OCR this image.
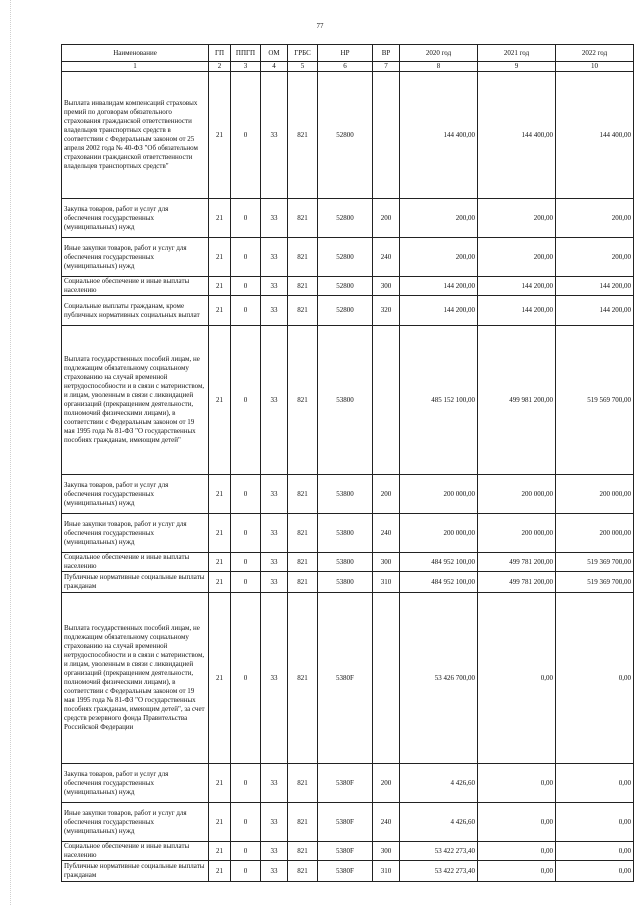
77
Наименование	ГП	ППГП	ОМ	ГРБС	НР	ВР	2020 год	2021 год	2022 год
1	2	3	4	5	6	7	8	9	10
Выплата инвалидам компенсаций страховых премий по договорам обязательного страхования гражданской ответственности владельцев транспортных средств в соответствии с Федеральным законом от 25 апреля 2002 года № 40-ФЗ "Об обязательном страховании гражданской ответственности владельцев транспортных средств"	21	0	33	821	52800		144 400,00	144 400,00	144 400,00
Закупка товаров, работ и услуг для обеспечения государственных (муниципальных) нужд	21	0	33	821	52800	200	200,00	200,00	200,00
Иные закупки товаров, работ и услуг для обеспечения государственных (муниципальных) нужд	21	0	33	821	52800	240	200,00	200,00	200,00
Социальное обеспечение и иные выплаты населению	21	0	33	821	52800	300	144 200,00	144 200,00	144 200,00
Социальные выплаты гражданам, кроме публичных нормативных социальных выплат	21	0	33	821	52800	320	144 200,00	144 200,00	144 200,00
Выплата государственных пособий лицам, не подлежащим обязательному социальному страхованию на случай временной нетрудоспособности и в связи с материнством, и лицам, уволенным в связи с ликвидацией организаций (прекращением деятельности, полномочий физическими лицами), в соответствии с Федеральным законом от 19 мая 1995 года № 81-ФЗ "О государственных пособиях гражданам, имеющим детей"	21	0	33	821	53800		485 152 100,00	499 981 200,00	519 569 700,00
Закупка товаров, работ и услуг для обеспечения государственных (муниципальных) нужд	21	0	33	821	53800	200	200 000,00	200 000,00	200 000,00
Иные закупки товаров, работ и услуг для обеспечения государственных (муниципальных) нужд	21	0	33	821	53800	240	200 000,00	200 000,00	200 000,00
Социальное обеспечение и иные выплаты населению	21	0	33	821	53800	300	484 952 100,00	499 781 200,00	519 369 700,00
Публичные нормативные социальные выплаты гражданам	21	0	33	821	53800	310	484 952 100,00	499 781 200,00	519 369 700,00
Выплата государственных пособий лицам, не подлежащим обязательному социальному страхованию на случай временной нетрудоспособности и в связи с материнством, и лицам, уволенным в связи с ликвидацией организаций (прекращением деятельности, полномочий физическими лицами), в соответствии с Федеральным законом от 19 мая 1995 года № 81-ФЗ "О государственных пособиях гражданам, имеющим детей", за счет средств резервного фонда Правительства Российской Федерации	21	0	33	821	5380F		53 426 700,00	0,00	0,00
Закупка товаров, работ и услуг для обеспечения государственных (муниципальных) нужд	21	0	33	821	5380F	200	4 426,60	0,00	0,00
Иные закупки товаров, работ и услуг для обеспечения государственных (муниципальных) нужд	21	0	33	821	5380F	240	4 426,60	0,00	0,00
Социальное обеспечение и иные выплаты населению	21	0	33	821	5380F	300	53 422 273,40	0,00	0,00
Публичные нормативные социальные выплаты гражданам	21	0	33	821	5380F	310	53 422 273,40	0,00	0,00
